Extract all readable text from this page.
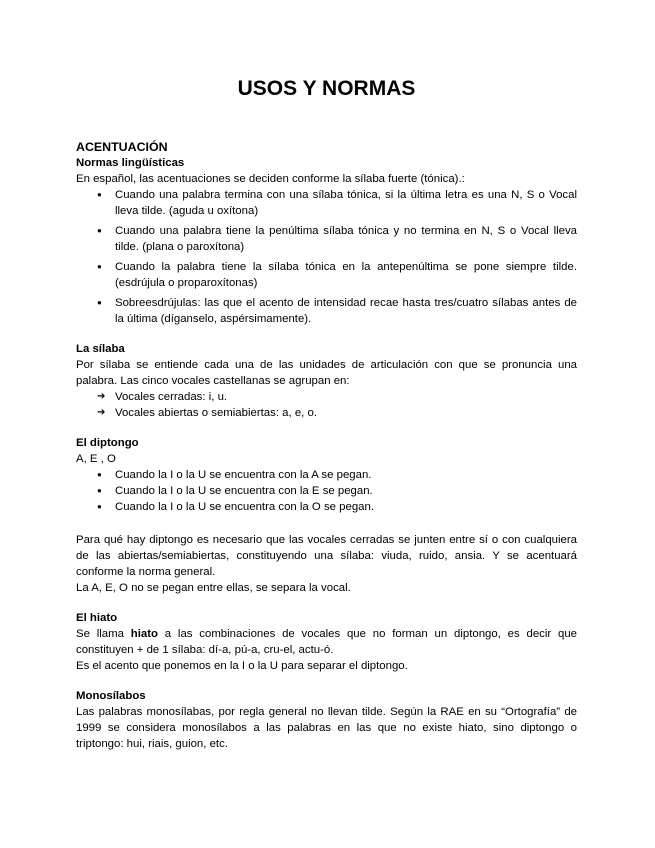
USOS Y NORMAS
ACENTUACIÓN
Normas lingüísticas

En español, las acentuaciones se deciden conforme la sílaba fuerte (tónica).:

● Cuando una palabra termina con una sílaba tónica, si la última letra es una N, S o Vocal lleva tilde. (aguda u oxítona)
● Cuando una palabra tiene la penúltima sílaba tónica y no termina en N, S o Vocal lleva tilde. (plana o paroxítona)
● Cuando la palabra tiene la sílaba tónica en la antepenúltima se pone siempre tilde. (esdrújula o proparoxítonas)
● Sobreesdrújulas: las que el acento de intensidad recae hasta tres/cuatro sílabas antes de la última (díganselo, aspérsimamente).
La sílaba

Por sílaba se entiende cada una de las unidades de articulación con que se pronuncia una palabra. Las cinco vocales castellanas se agrupan en:

➔ Vocales cerradas: i, u.
➔ Vocales abiertas o semiabiertas: a, e, o.
El diptongo

A, E , O

● Cuando la I o la U se encuentra con la A se pegan.
● Cuando la I o la U se encuentra con la E se pegan.
● Cuando la I o la U se encuentra con la O se pegan.

Para qué hay diptongo es necesario que las vocales cerradas se junten entre sí o con cualquiera de las abiertas/semiabiertas, constituyendo una sílaba: viuda, ruido, ansia. Y se acentuará conforme la norma general.

La A, E, O no se pegan entre ellas, se separa la vocal.

El hiato

Se llama hiato a las combinaciones de vocales que no forman un diptongo, es decir que constituyen + de 1 sílaba: dí-a, pú-a, cru-el, actu-ó.

Es el acento que ponemos en la I o la U para separar el diptongo.

Monosílabos

Las palabras monosílabas, por regla general no llevan tilde. Según la RAE en su “Ortografía” de 1999 se considera monosílabos a las palabras en las que no existe hiato, sino diptongo o triptongo: hui, riais, guion, etc.
